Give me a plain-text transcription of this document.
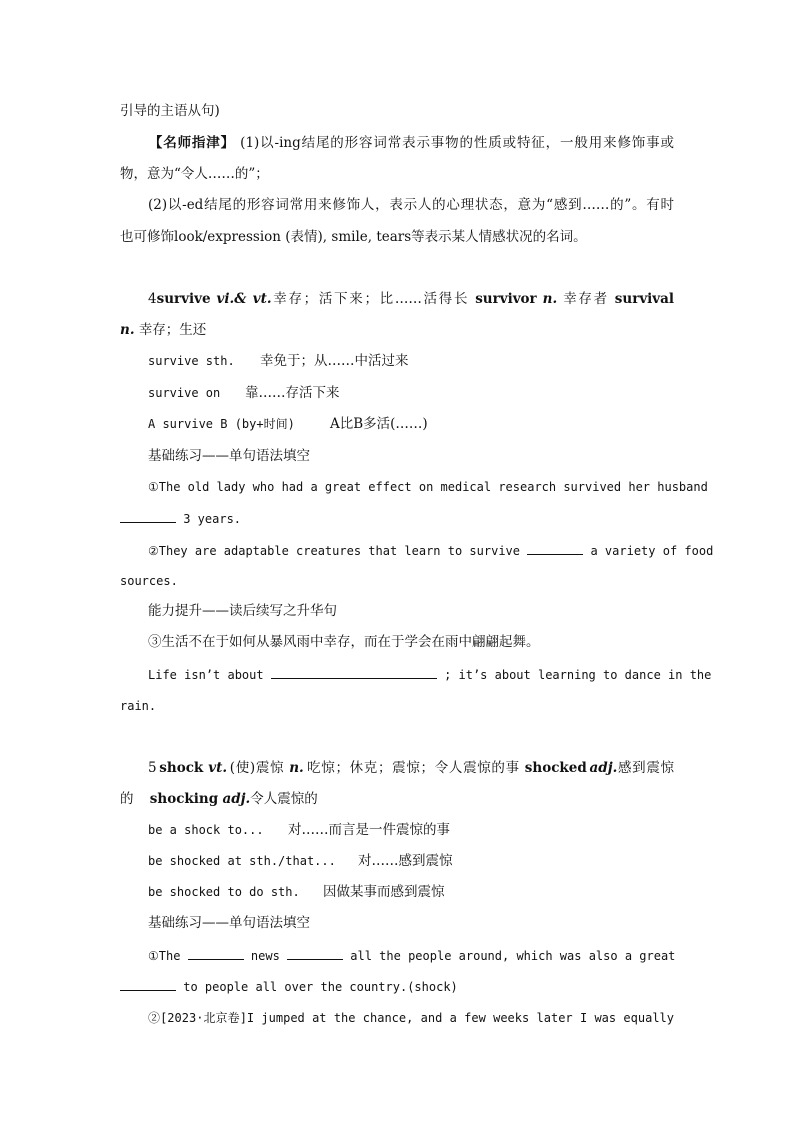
引导的主语从句)
【名师指津】 (1)以-ing结尾的形容词常表示事物的性质或特征，一般用来修饰事或
物，意为“令人……的”；
(2)以-ed结尾的形容词常用来修饰人，表示人的心理状态，意为“感到……的”。有时
也可修饰look/expression (表情), smile, tears等表示某人情感状况的名词。
4survive vi.& vt.幸存；活下来；比……活得长 survivor n. 幸存者 survival
n. 幸存；生还
survive sth. 幸免于；从……中活过来
survive on 靠……存活下来
A survive B (by+时间)	A比B多活(……)
基础练习——单句语法填空
①The old lady who had a great effect on medical research survived her husband
3 years.
②They are adaptable creatures that learn to survive	a variety of food
sources.
能力提升——读后续写之升华句
③生活不在于如何从暴风雨中幸存，而在于学会在雨中翩翩起舞。
Life isn’t about	; it’s about learning to dance in the
rain.
5  shock vt.  (使)震惊 n.  吃惊；休克；震惊；令人震惊的事 shocked  adj.感到震惊
的 shocking adj.令人震惊的
be a shock to... 对……而言是一件震惊的事
be shocked at sth./that... 对……感到震惊
be shocked to do sth. 因做某事而感到震惊
基础练习——单句语法填空
①The	news	all the people around, which was also a great
to people all over the country.(shock)
②[2023·北京卷]I jumped at the chance, and a few weeks later I was equally
